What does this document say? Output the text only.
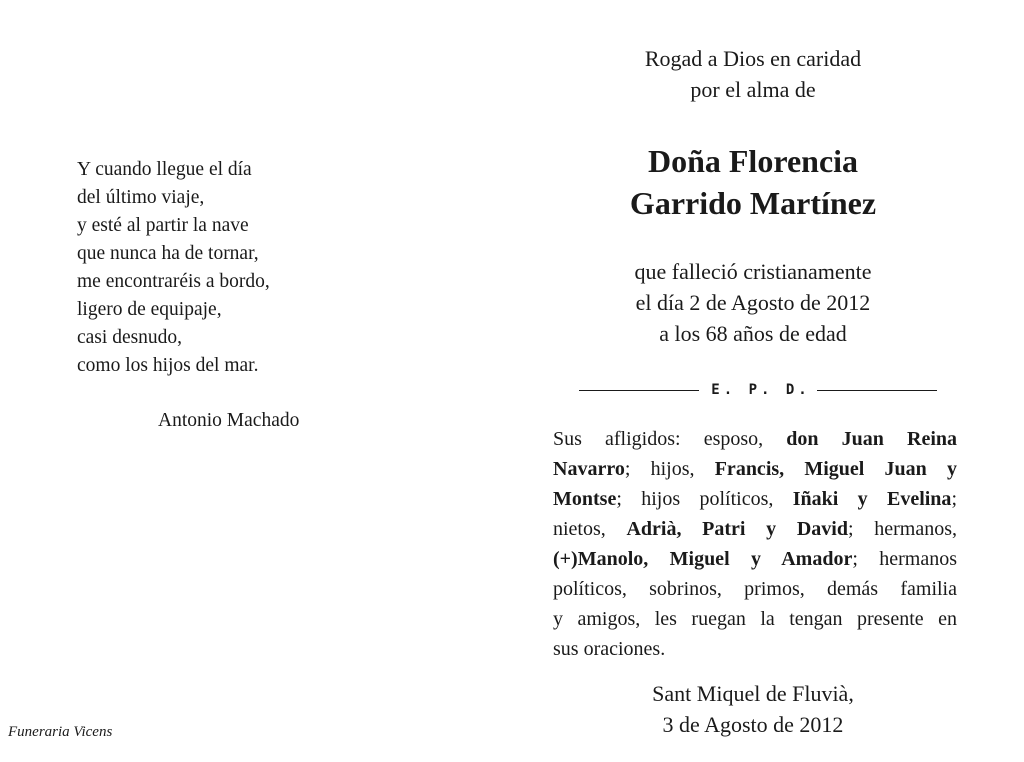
Y cuando llegue el día
del último viaje,
y esté al partir la nave
que nunca ha de tornar,
me encontraréis a bordo,
ligero de equipaje,
casi desnudo,
como los hijos del mar.
Antonio Machado
Funeraria Vicens
Rogad a Dios en caridad
por el alma de
Doña Florencia
Garrido Martínez
que falleció cristianamente
el día 2 de Agosto de 2012
a los 68 años de edad
E. P. D.
Sus afligidos: esposo, don Juan Reina
Navarro; hijos, Francis, Miguel Juan y
Montse; hijos políticos, Iñaki y Evelina;
nietos, Adrià, Patri y David; hermanos,
(+)Manolo, Miguel y Amador; hermanos
políticos, sobrinos, primos, demás familia
y amigos, les ruegan la tengan presente en
sus oraciones.
Sant Miquel de Fluvià,
3 de Agosto de 2012
